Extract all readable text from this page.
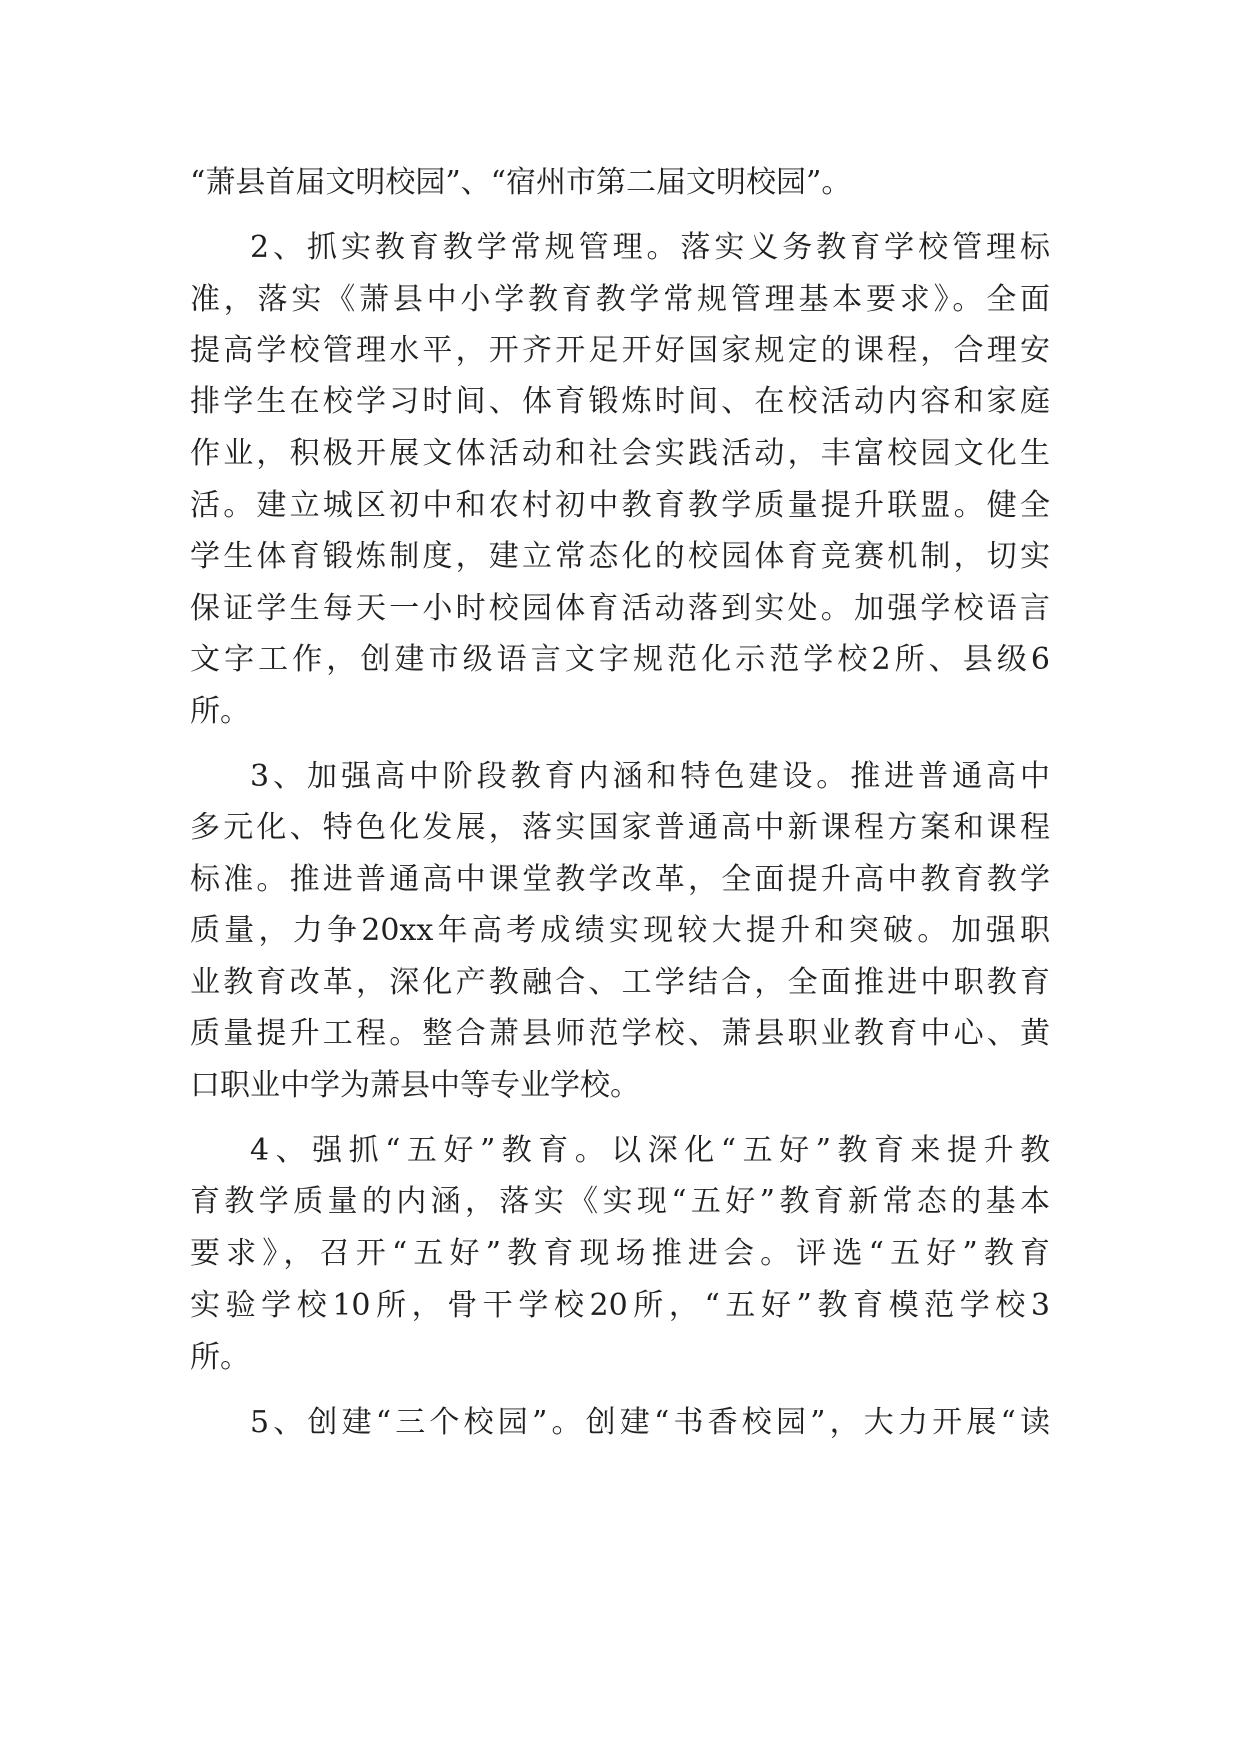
“萧县首届文明校园”、“宿州市第二届文明校园”。
2、抓实教育教学常规管理。落实义务教育学校管理标
准，落实《萧县中小学教育教学常规管理基本要求》。全面
提高学校管理水平，开齐开足开好国家规定的课程，合理安
排学生在校学习时间、体育锻炼时间、在校活动内容和家庭
作业，积极开展文体活动和社会实践活动，丰富校园文化生
活。建立城区初中和农村初中教育教学质量提升联盟。健全
学生体育锻炼制度，建立常态化的校园体育竞赛机制，切实
保证学生每天一小时校园体育活动落到实处。加强学校语言
文字工作，创建市级语言文字规范化示范学校2所、县级6
所。
3、加强高中阶段教育内涵和特色建设。推进普通高中
多元化、特色化发展，落实国家普通高中新课程方案和课程
标准。推进普通高中课堂教学改革，全面提升高中教育教学
质量，力争20xx年高考成绩实现较大提升和突破。加强职
业教育改革，深化产教融合、工学结合，全面推进中职教育
质量提升工程。整合萧县师范学校、萧县职业教育中心、黄
口职业中学为萧县中等专业学校。
4、强抓“五好”教育。以深化“五好”教育来提升教
育教学质量的内涵，落实《实现“五好”教育新常态的基本
要求》，召开“五好”教育现场推进会。评选“五好”教育
实验学校10所，骨干学校20所，“五好”教育模范学校3
所。
5、创建“三个校园”。创建“书香校园”，大力开展“读
